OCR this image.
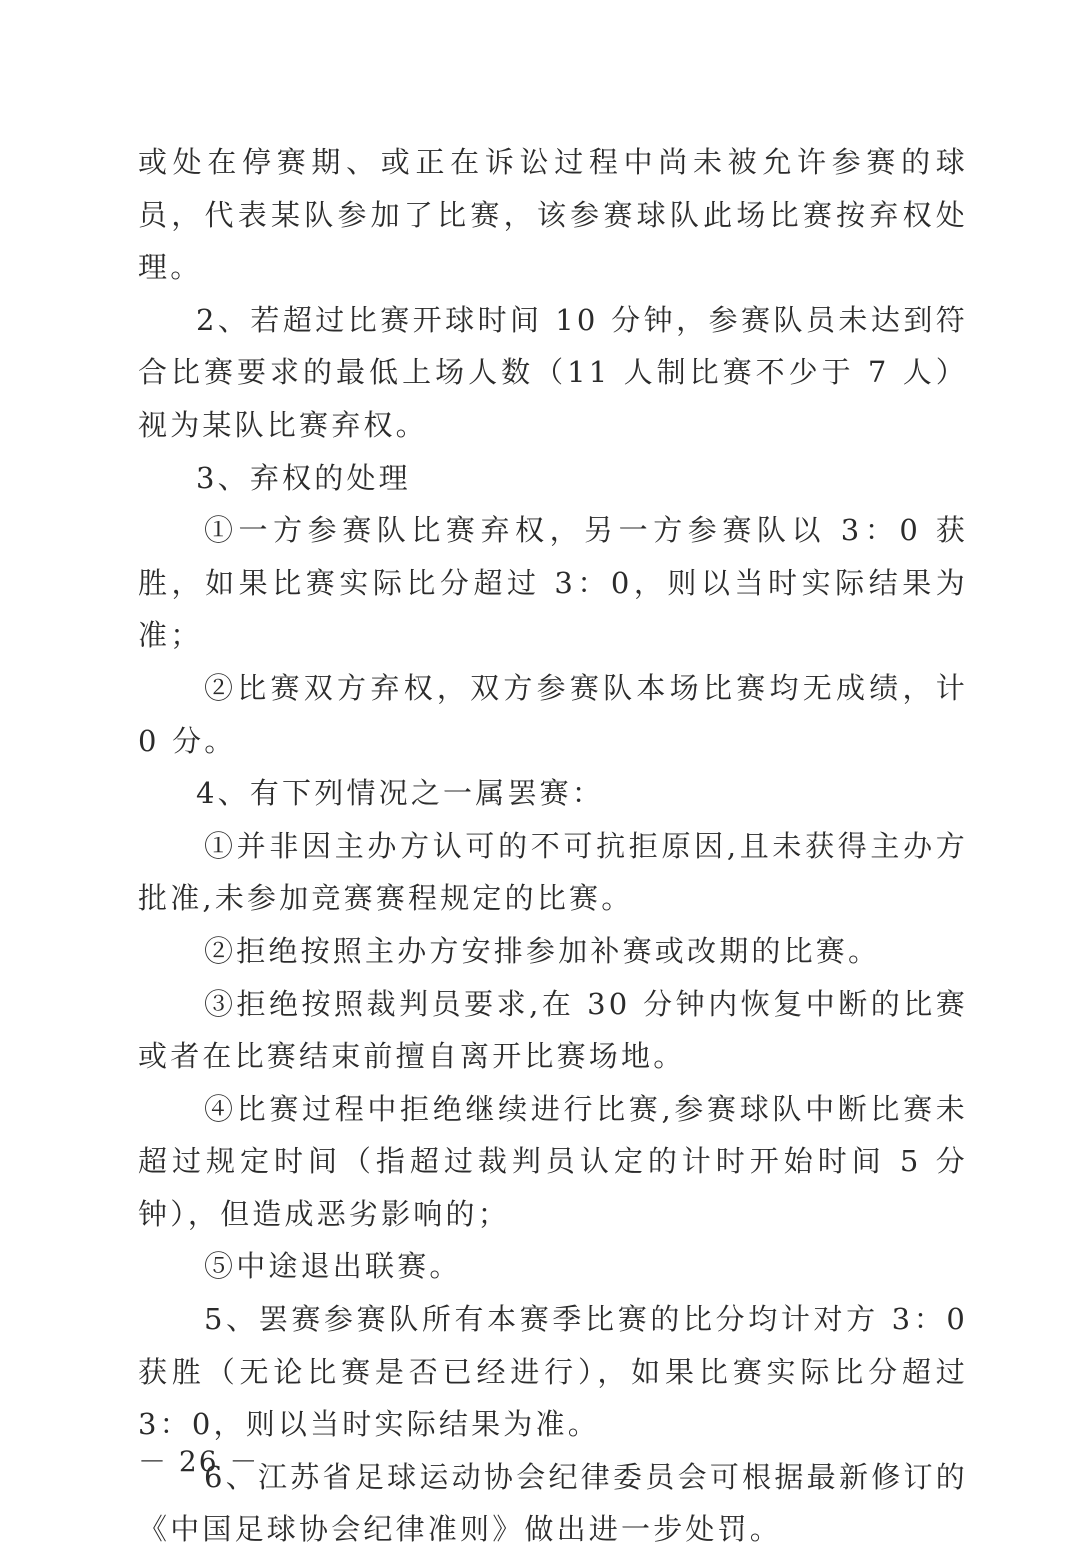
或处在停赛期、或正在诉讼过程中尚未被允许参赛的球员，代表某队参加了比赛，该参赛球队此场比赛按弃权处理。

2、若超过比赛开球时间 10 分钟，参赛队员未达到符合比赛要求的最低上场人数（11 人制比赛不少于 7 人）视为某队比赛弃权。

3、弃权的处理

①一方参赛队比赛弃权，另一方参赛队以 3：0 获胜，如果比赛实际比分超过 3：0，则以当时实际结果为准；

②比赛双方弃权，双方参赛队本场比赛均无成绩，计 0 分。

4、有下列情况之一属罢赛：

①并非因主办方认可的不可抗拒原因,且未获得主办方批准,未参加竞赛赛程规定的比赛。

②拒绝按照主办方安排参加补赛或改期的比赛。

③拒绝按照裁判员要求,在 30 分钟内恢复中断的比赛或者在比赛结束前擅自离开比赛场地。

④比赛过程中拒绝继续进行比赛,参赛球队中断比赛未超过规定时间（指超过裁判员认定的计时开始时间 5 分钟），但造成恶劣影响的；

⑤中途退出联赛。

5、罢赛参赛队所有本赛季比赛的比分均计对方 3：0 获胜（无论比赛是否已经进行），如果比赛实际比分超过 3：0，则以当时实际结果为准。

6、江苏省足球运动协会纪律委员会可根据最新修订的《中国足球协会纪律准则》做出进一步处罚。

－ 26 －
